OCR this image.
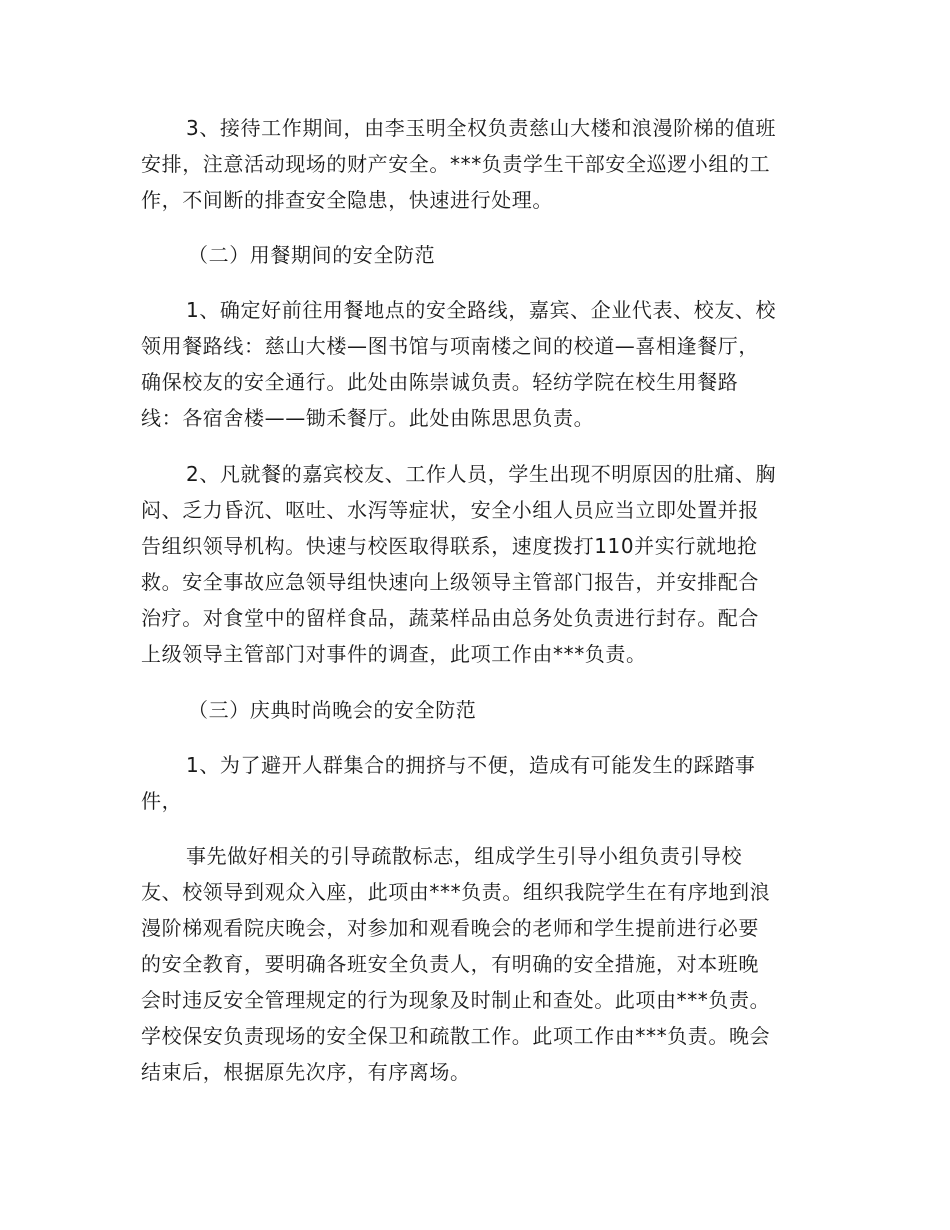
3、接待工作期间，由李玉明全权负责慈山大楼和浪漫阶梯的值班

安排，注意活动现场的财产安全。***负责学生干部安全巡逻小组的工

作，不间断的排查安全隐患，快速进行处理。

（二）用餐期间的安全防范

1、确定好前往用餐地点的安全路线，嘉宾、企业代表、校友、校

领用餐路线：慈山大楼—图书馆与项南楼之间的校道—喜相逢餐厅，

确保校友的安全通行。此处由陈崇诚负责。轻纺学院在校生用餐路

线：各宿舍楼——锄禾餐厅。此处由陈思思负责。

2、凡就餐的嘉宾校友、工作人员，学生出现不明原因的肚痛、胸

闷、乏力昏沉、呕吐、水泻等症状，安全小组人员应当立即处置并报

告组织领导机构。快速与校医取得联系，速度拨打110并实行就地抢

救。安全事故应急领导组快速向上级领导主管部门报告，并安排配合

治疗。对食堂中的留样食品，蔬菜样品由总务处负责进行封存。配合

上级领导主管部门对事件的调查，此项工作由***负责。

（三）庆典时尚晚会的安全防范

1、为了避开人群集合的拥挤与不便，造成有可能发生的踩踏事

件，

事先做好相关的引导疏散标志，组成学生引导小组负责引导校

友、校领导到观众入座，此项由***负责。组织我院学生在有序地到浪

漫阶梯观看院庆晚会，对参加和观看晚会的老师和学生提前进行必要

的安全教育，要明确各班安全负责人，有明确的安全措施，对本班晚

会时违反安全管理规定的行为现象及时制止和查处。此项由***负责。

学校保安负责现场的安全保卫和疏散工作。此项工作由***负责。晚会

结束后，根据原先次序，有序离场。
